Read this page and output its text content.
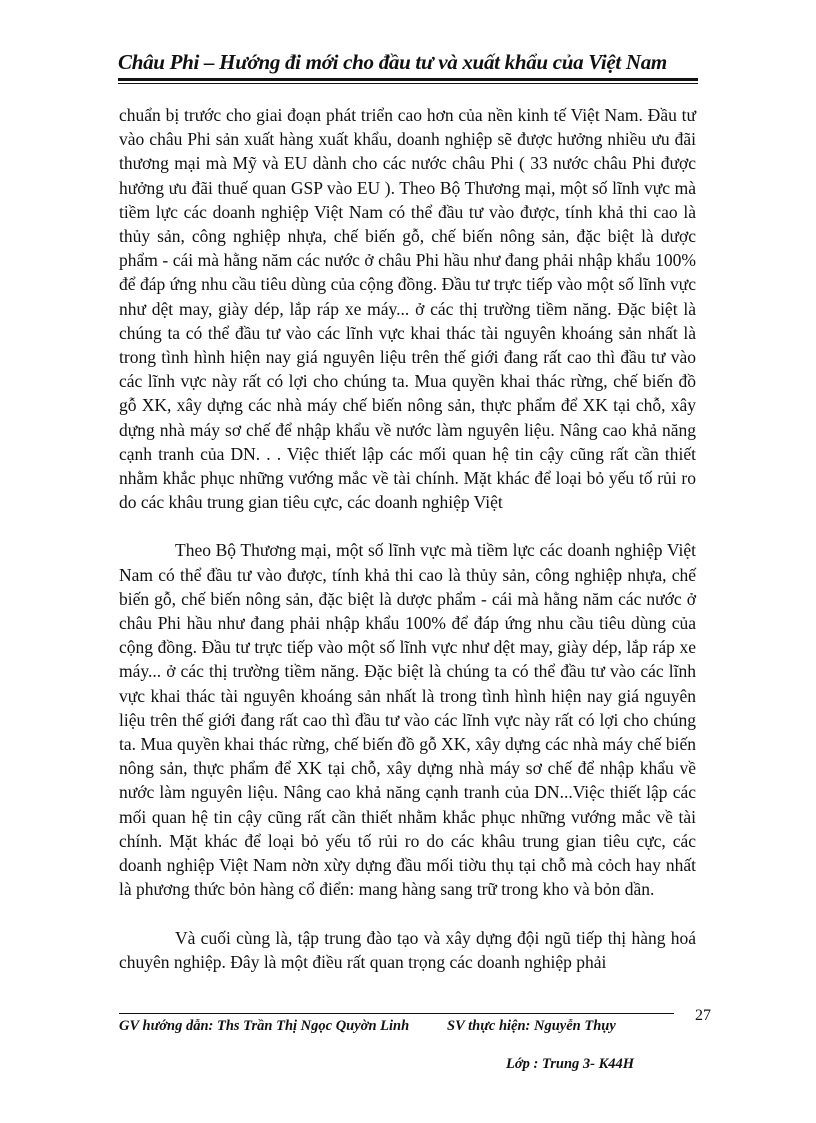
Châu Phi – Hướng đi mới cho đầu tư và xuất khẩu của Việt Nam

chuẩn bị trước cho giai đoạn phát triển cao hơn của nền kinh tế Việt Nam. Đầu tư vào châu Phi sản xuất hàng xuất khẩu, doanh nghiệp sẽ được hưởng nhiều ưu đãi thương mại mà Mỹ và EU dành cho các nước châu Phi ( 33 nước châu Phi được hưởng ưu đãi thuế quan GSP vào EU ). Theo Bộ Thương mại, một số lĩnh vực mà tiềm lực các doanh nghiệp Việt Nam có thể đầu tư vào được, tính khả thi cao là thủy sản, công nghiệp nhựa, chế biến gỗ, chế biến nông sản, đặc biệt là dược phẩm - cái mà hằng năm các nước ở châu Phi hầu như đang phải nhập khẩu 100% để đáp ứng nhu cầu tiêu dùng của cộng đồng. Đầu tư trực tiếp vào một số lĩnh vực như dệt may, giày dép, lắp ráp xe máy... ở các thị trường tiềm năng. Đặc biệt là chúng ta có thể đầu tư vào các lĩnh vực khai thác tài nguyên khoáng sản nhất là trong tình hình hiện nay giá nguyên liệu trên thế giới đang rất cao thì đầu tư vào các lĩnh vực này rất có lợi cho chúng ta. Mua quyền khai thác rừng, chế biến đồ gỗ XK, xây dựng các nhà máy chế biến nông sản, thực phẩm để XK tại chỗ, xây dựng nhà máy sơ chế để nhập khẩu về nước làm nguyên liệu. Nâng cao khả năng cạnh tranh của DN. . . Việc thiết lập các mối quan hệ tin cậy cũng rất cần thiết nhằm khắc phục những vướng mắc về tài chính. Mặt khác để loại bỏ yếu tố rủi ro do các khâu trung gian tiêu cực, các doanh nghiệp Việt

Theo Bộ Thương mại, một số lĩnh vực mà tiềm lực các doanh nghiệp Việt Nam có thể đầu tư vào được, tính khả thi cao là thủy sản, công nghiệp nhựa, chế biến gỗ, chế biến nông sản, đặc biệt là dược phẩm - cái mà hằng năm các nước ở châu Phi hầu như đang phải nhập khẩu 100% để đáp ứng nhu cầu tiêu dùng của cộng đồng. Đầu tư trực tiếp vào một số lĩnh vực như dệt may, giày dép, lắp ráp xe máy... ở các thị trường tiềm năng. Đặc biệt là chúng ta có thể đầu tư vào các lĩnh vực khai thác tài nguyên khoáng sản nhất là trong tình hình hiện nay giá nguyên liệu trên thế giới đang rất cao thì đầu tư vào các lĩnh vực này rất có lợi cho chúng ta. Mua quyền khai thác rừng, chế biến đồ gỗ XK, xây dựng các nhà máy chế biến nông sản, thực phẩm để XK tại chỗ, xây dựng nhà máy sơ chế để nhập khẩu về nước làm nguyên liệu. Nâng cao khả năng cạnh tranh của DN...Việc thiết lập các mối quan hệ tin cậy cũng rất cần thiết nhằm khắc phục những vướng mắc về tài chính. Mặt khác để loại bỏ yếu tố rủi ro do các khâu trung gian tiêu cực, các doanh nghiệp Việt Nam nờn xừy dựng đầu mối tiờu thụ tại chỗ mà cỏch hay nhất là phương thức bỏn hàng cổ điển: mang hàng sang trữ trong kho và bỏn dần.

Và cuối cùng là, tập trung đào tạo và xây dựng đội ngũ tiếp thị hàng hoá chuyên nghiệp. Đây là một điều rất quan trọng các doanh nghiệp phải

GV hướng dẫn: Ths Trần Thị Ngọc Quyờn Linh	SV thực hiện: Nguyễn Thụy
27
Lớp : Trung 3- K44H
